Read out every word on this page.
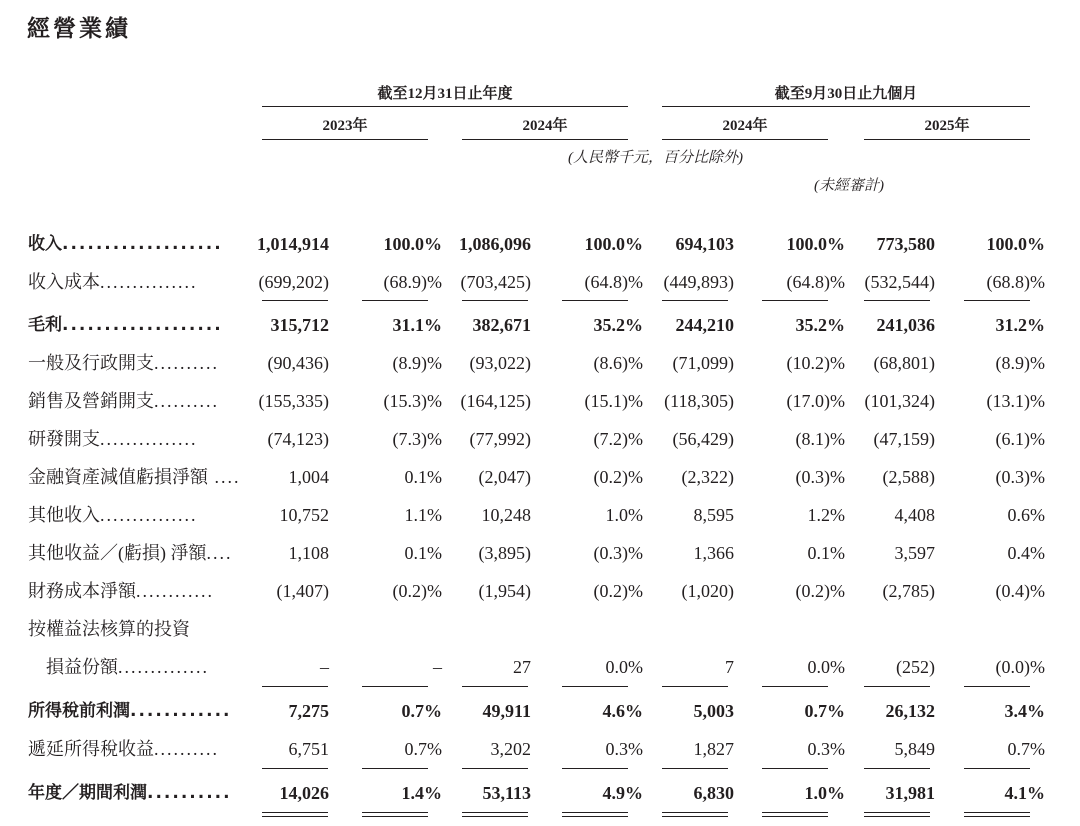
經營業績
截至12月31日止年度	截至9月30日止九個月
2023年	2024年	2024年	2025年
(人民幣千元，百分比除外)
(未經審計)
收入................... 1,014,914	100.0% 1,086,096	100.0% 694,103	100.0% 773,580	100.0%
收入成本...............	(699,202)	(68.9)% (703,425)	(64.8)% (449,893)	(64.8)% (532,544)	(68.8)%
毛利...................	315,712	31.1% 382,671	35.2% 244,210	35.2% 241,036	31.2%
一般及行政開支..........	(90,436)	(8.9)% (93,022)	(8.6)% (71,099)	(10.2)% (68,801)	(8.9)%
銷售及營銷開支..........	(155,335)	(15.3)% (164,125)	(15.1)% (118,305)	(17.0)% (101,324)	(13.1)%
研發開支...............	(74,123)	(7.3)% (77,992)	(7.2)% (56,429)	(8.1)% (47,159)	(6.1)%
金融資產減值虧損淨額 ....	1,004	0.1% (2,047)	(0.2)% (2,322)	(0.3)% (2,588)	(0.3)%
其他收入...............	10,752	1.1% 10,248	1.0%	8,595	1.2%	4,408	0.6%
其他收益／(虧損) 淨額....	1,108	0.1% (3,895)	(0.3)%	1,366	0.1%	3,597	0.4%
財務成本淨額............	(1,407)	(0.2)% (1,954)	(0.2)% (1,020)	(0.2)% (2,785)	(0.4)%
按權益法核算的投資
　損益份額..............	–	–	27	0.0%	7	0.0%	(252)	(0.0)%
所得稅前利潤............	7,275	0.7% 49,911	4.6%	5,003	0.7% 26,132	3.4%
遞延所得稅收益..........	6,751	0.7%	3,202	0.3%	1,827	0.3%	5,849	0.7%
年度／期間利潤..........	14,026	1.4% 53,113	4.9%	6,830	1.0% 31,981	4.1%
